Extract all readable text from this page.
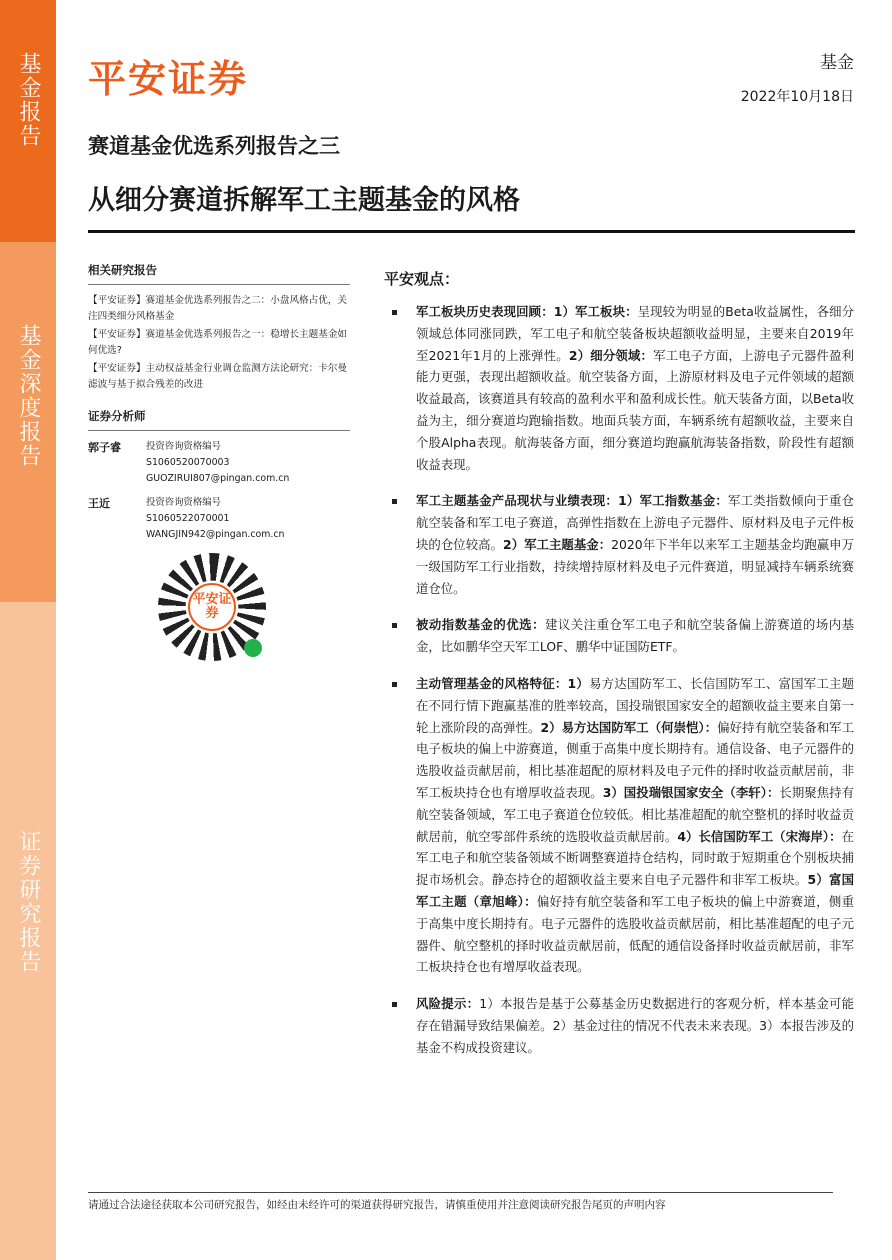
基金报告
基金深度报告
证券研究报告
平安证券	基金
2022年10月18日
赛道基金优选系列报告之三
从细分赛道拆解军工主题基金的风格
相关研究报告

【平安证券】赛道基金优选系列报告之二：小盘风格占优，关注四类细分风格基金

【平安证券】赛道基金优选系列报告之一：稳增长主题基金如何优选?

【平安证券】主动权益基金行业调仓监测方法论研究：卡尔曼滤波与基于拟合残差的改进

证券分析师
郭子睿	投资咨询资格编号
S1060520070003
GUOZIRUI807@pingan.com.cn
王近	投资咨询资格编号
S1060522070001
WANGJIN942@pingan.com.cn
平安证券
平安观点：
军工板块历史表现回顾：1）军工板块：呈现较为明显的Beta收益属性，各细分领域总体同涨同跌，军工电子和航空装备板块超额收益明显，主要来自2019年至2021年1月的上涨弹性。2）细分领域：军工电子方面，上游电子元器件盈利能力更强，表现出超额收益。航空装备方面，上游原材料及电子元件领域的超额收益最高，该赛道具有较高的盈利水平和盈利成长性。航天装备方面，以Beta收益为主，细分赛道均跑输指数。地面兵装方面，车辆系统有超额收益，主要来自个股Alpha表现。航海装备方面，细分赛道均跑赢航海装备指数，阶段性有超额收益表现。
军工主题基金产品现状与业绩表现：1）军工指数基金：军工类指数倾向于重仓航空装备和军工电子赛道，高弹性指数在上游电子元器件、原材料及电子元件板块的仓位较高。2）军工主题基金：2020年下半年以来军工主题基金均跑赢申万一级国防军工行业指数，持续增持原材料及电子元件赛道，明显减持车辆系统赛道仓位。
被动指数基金的优选：建议关注重仓军工电子和航空装备偏上游赛道的场内基金，比如鹏华空天军工LOF、鹏华中证国防ETF。
主动管理基金的风格特征：1）易方达国防军工、长信国防军工、富国军工主题在不同行情下跑赢基准的胜率较高，国投瑞银国家安全的超额收益主要来自第一轮上涨阶段的高弹性。2）易方达国防军工（何崇恺）：偏好持有航空装备和军工电子板块的偏上中游赛道，侧重于高集中度长期持有。通信设备、电子元器件的选股收益贡献居前，相比基准超配的原材料及电子元件的择时收益贡献居前，非军工板块持仓也有增厚收益表现。3）国投瑞银国家安全（李轩）：长期聚焦持有航空装备领域，军工电子赛道仓位较低。相比基准超配的航空整机的择时收益贡献居前，航空零部件系统的选股收益贡献居前。4）长信国防军工（宋海岸）：在军工电子和航空装备领域不断调整赛道持仓结构，同时敢于短期重仓个别板块捕捉市场机会。静态持仓的超额收益主要来自电子元器件和非军工板块。5）富国军工主题（章旭峰）：偏好持有航空装备和军工电子板块的偏上中游赛道，侧重于高集中度长期持有。电子元器件的选股收益贡献居前，相比基准超配的电子元器件、航空整机的择时收益贡献居前，低配的通信设备择时收益贡献居前，非军工板块持仓也有增厚收益表现。
风险提示：1）本报告是基于公募基金历史数据进行的客观分析，样本基金可能存在错漏导致结果偏差。2）基金过往的情况不代表未来表现。3）本报告涉及的基金不构成投资建议。
请通过合法途径获取本公司研究报告，如经由未经许可的渠道获得研究报告，请慎重使用并注意阅读研究报告尾页的声明内容
